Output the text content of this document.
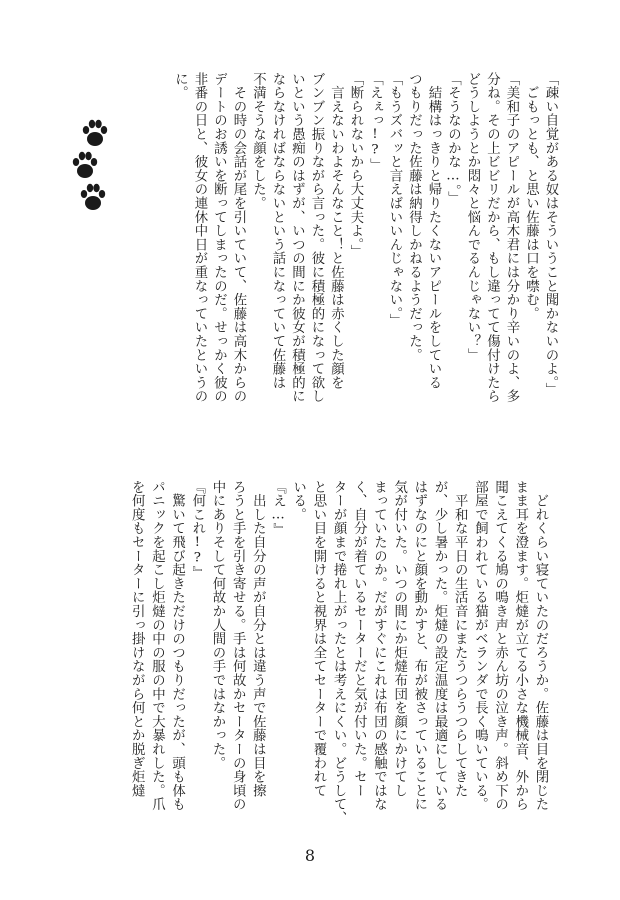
「疎い自覚がある奴はそういうこと聞かないのよ。」
　ごもっとも、と思い佐藤は口を噤む。
「美和子のアピールが高木君には分かり辛いのよ、多
分ね。その上ビビリだから、もし違ってて傷付けたら
どうしようとか悶々と悩んでるんじゃない？」
「そうなのかな…。」
　結構はっきりと帰りたくないアピールをしている
つもりだった佐藤は納得しかねるようだった。
「もうズバッと言えばいいんじゃない。」
「えぇっ!?」
「断られないから大丈夫よ。」
　言えないわよそんなこと！と佐藤は赤くした顔を
ブンブン振りながら言った。彼に積極的になって欲し
いという愚痴のはずが、いつの間にか彼女が積極的に
ならなければならないという話になっていて佐藤は
不満そうな顔をした。
　その時の会話が尾を引いていて、佐藤は高木からの
デートのお誘いを断ってしまったのだ。せっかく彼の
非番の日と、彼女の連休中日が重なっていたというの
に。
　どれくらい寝ていたのだろうか。佐藤は目を閉じた
まま耳を澄ます。炬燵が立てる小さな機械音、外から
聞こえてくる鳩の鳴き声と赤ん坊の泣き声。斜め下の
部屋で飼われている猫がベランダで長く鳴いている。
　平和な平日の生活音にまたうつらうつらしてきた
が、少し暑かった。炬燵の設定温度は最適にしている
はずなのにと顔を動かすと、布が被さっていることに
気が付いた。いつの間にか炬燵布団を顔にかけてし
まっていたのか。だがすぐにこれは布団の感触ではな
く、自分が着ているセーターだと気が付いた。セー
ターが顔まで捲れ上がったとは考えにくい。どうして、
と思い目を開けると視界は全てセーターで覆われて
いる。
『え…』
　出した自分の声が自分とは違う声で佐藤は目を擦
ろうと手を引き寄せる。手は何故かセーターの身頃の
中にありそして何故か人間の手ではなかった。
『何これ!?』
　驚いて飛び起きただけのつもりだったが、頭も体も
パニックを起こし炬燵の中の服の中で大暴れした。爪
を何度もセーターに引っ掛けながら何とか脱ぎ炬燵
8
